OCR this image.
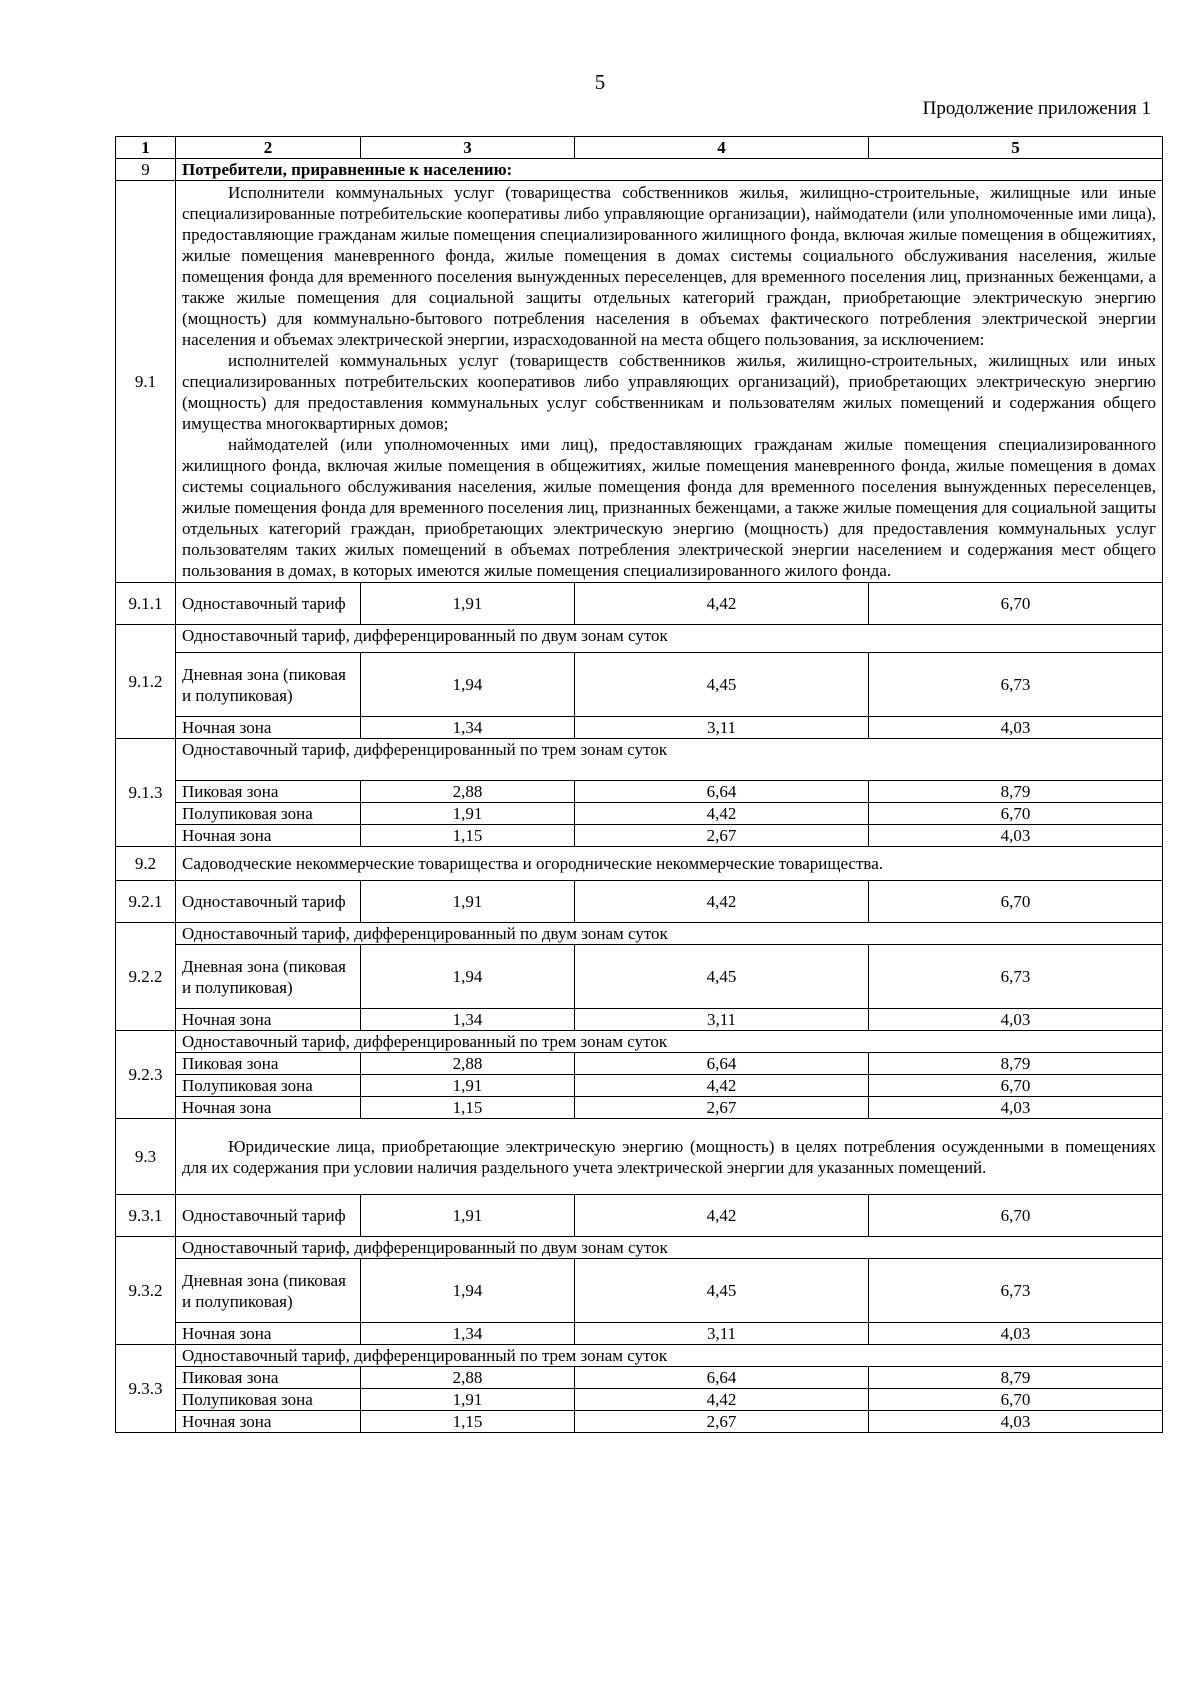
5
Продолжение приложения 1
1	2	3	4	5
9	Потребители, приравненные к населению:			
9.1	Исполнители коммунальных услуг (товарищества собственников жилья, жилищно-строительные, жилищные или иные специализированные потребительские кооперативы либо управляющие организации), наймодатели (или уполномоченные ими лица), предоставляющие гражданам жилые помещения специализированного жилищного фонда, включая жилые помещения в общежитиях, жилые помещения маневренного фонда, жилые помещения в домах системы социального обслуживания населения, жилые помещения фонда для временного поселения вынужденных переселенцев, для временного поселения лиц, признанных беженцами, а также жилые помещения для социальной защиты отдельных категорий граждан, приобретающие электрическую энергию (мощность) для коммунально-бытового потребления населения в объемах фактического потребления электрической энергии населения и объемах электрической энергии, израсходованной на места общего пользования, за исключением:
исполнителей коммунальных услуг (товариществ собственников жилья, жилищно-строительных, жилищных или иных специализированных потребительских кооперативов либо управляющих организаций), приобретающих электрическую энергию (мощность) для предоставления коммунальных услуг собственникам и пользователям жилых помещений и содержания общего имущества многоквартирных домов;
наймодателей (или уполномоченных ими лиц), предоставляющих гражданам жилые помещения специализированного жилищного фонда, включая жилые помещения в общежитиях, жилые помещения маневренного фонда, жилые помещения в домах системы социального обслуживания населения, жилые помещения фонда для временного поселения вынужденных переселенцев, жилые помещения фонда для временного поселения лиц, признанных беженцами, а также жилые помещения для социальной защиты отдельных категорий граждан, приобретающих электрическую энергию (мощность) для предоставления коммунальных услуг пользователям таких жилых помещений в объемах потребления электрической энергии населением и содержания мест общего пользования в домах, в которых имеются жилые помещения специализированного жилого фонда.			

9.1.1	Одноставочный тариф	1,91	4,42	6,70
9.1.2	Одноставочный тариф, дифференцированный по двум зонам суток			
	Дневная зона (пиковая и полупиковая)	1,94	4,45	6,73
	Ночная зона	1,34	3,11	4,03
9.1.3	Одноставочный тариф, дифференцированный по трем зонам суток			
	Пиковая зона	2,88	6,64	8,79
	Полупиковая зона	1,91	4,42	6,70
	Ночная зона	1,15	2,67	4,03
9.2	Садоводческие некоммерческие товарищества и огороднические некоммерческие товарищества.			
9.2.1	Одноставочный тариф	1,91	4,42	6,70
9.2.2	Одноставочный тариф, дифференцированный по двум зонам суток			
	Дневная зона (пиковая и полупиковая)	1,94	4,45	6,73
	Ночная зона	1,34	3,11	4,03
9.2.3	Одноставочный тариф, дифференцированный по трем зонам суток			
	Пиковая зона	2,88	6,64	8,79
	Полупиковая зона	1,91	4,42	6,70
	Ночная зона	1,15	2,67	4,03
9.3	Юридические лица, приобретающие электрическую энергию (мощность) в целях потребления осужденными в помещениях для их содержания при условии наличия раздельного учета электрической энергии для указанных помещений.			
9.3.1	Одноставочный тариф	1,91	4,42	6,70
9.3.2	Одноставочный тариф, дифференцированный по двум зонам суток			
	Дневная зона (пиковая и полупиковая)	1,94	4,45	6,73
	Ночная зона	1,34	3,11	4,03
9.3.3	Одноставочный тариф, дифференцированный по трем зонам суток			
	Пиковая зона	2,88	6,64	8,79
	Полупиковая зона	1,91	4,42	6,70
	Ночная зона	1,15	2,67	4,03
